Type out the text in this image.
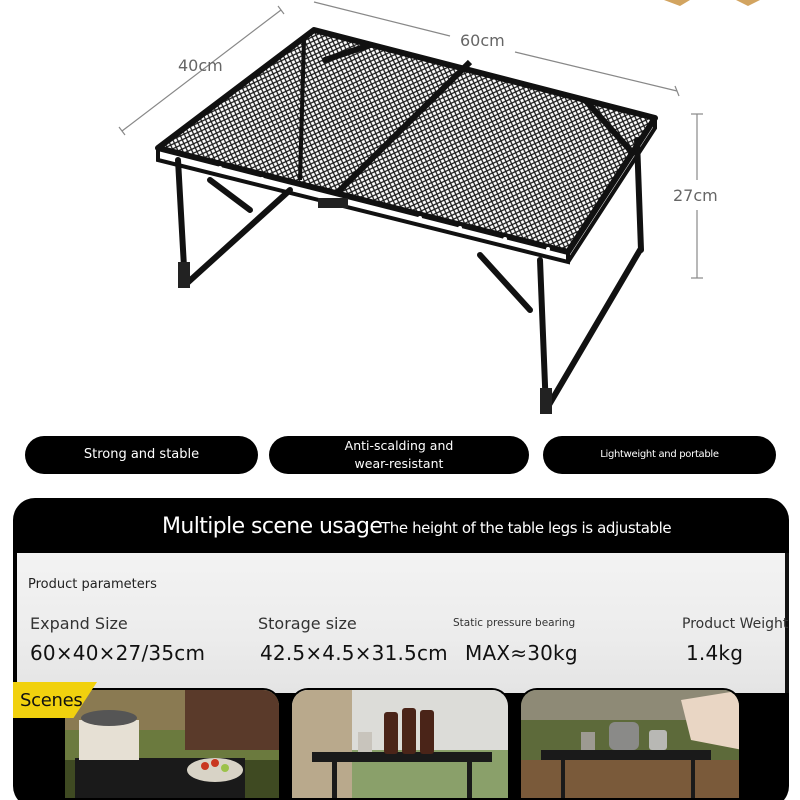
40cm
60cm
27cm
Strong and stable
Anti-scalding and
wear-resistant
Lightweight and portable
Multiple scene usage
The height of the table legs is adjustable
Product parameters
Expand Size
60×40×27/35cm
Storage size
42.5×4.5×31.5cm
Static pressure bearing
MAX≈30kg
Product Weight
1.4kg
Scenes
